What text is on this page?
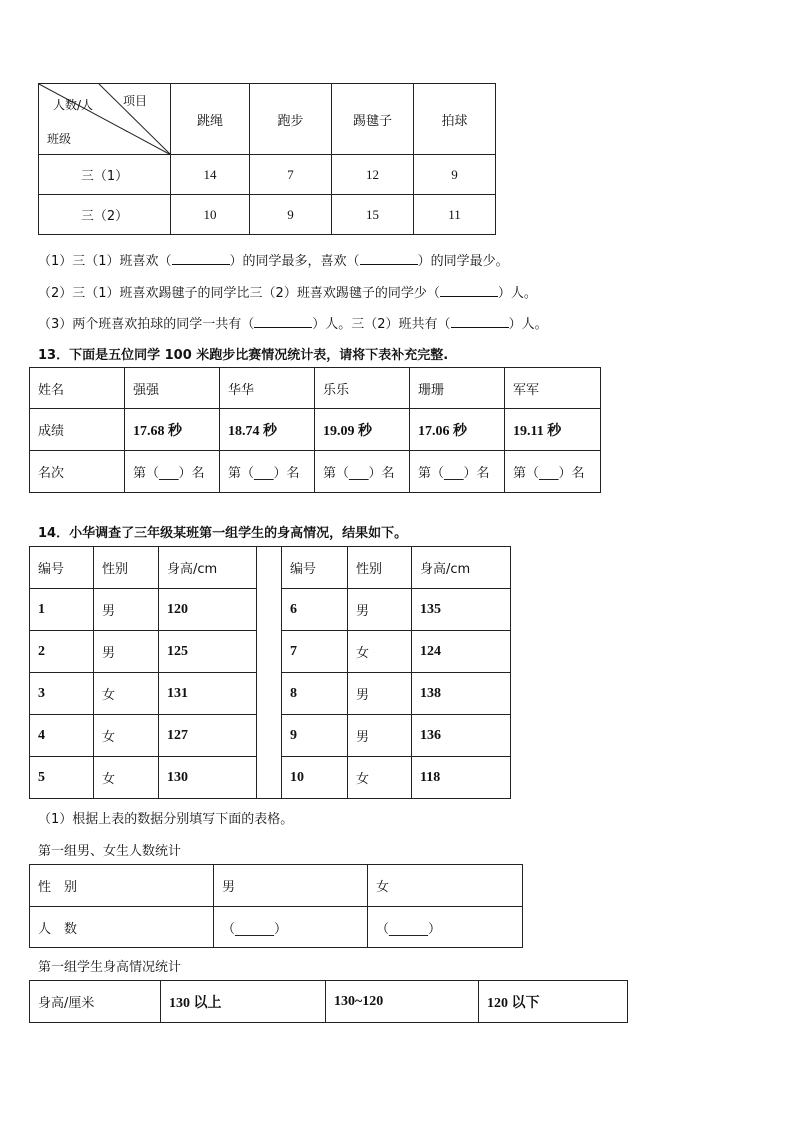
项目
人数/人
班级	跳绳	跑步	踢毽子	拍球
三（1）	14	7	12	9
三（2）	10	9	15	11

（1）三（1）班喜欢（	）的同学最多，喜欢（	）的同学最少。

（2）三（1）班喜欢踢毽子的同学比三（2）班喜欢踢毽子的同学少（	）人。

（3）两个班喜欢拍球的同学一共有（	）人。三（2）班共有（	）人。

13．下面是五位同学 100 米跑步比赛情况统计表，请将下表补充完整.

姓名	强强	华华	乐乐	珊珊	军军
成绩	17.68 秒	18.74 秒	19.09 秒	17.06 秒	19.11 秒
名次	第（___）名	第（___）名	第（___）名	第（___）名	第（___）名

14．小华调查了三年级某班第一组学生的身高情况，结果如下。

编号	性别	身高/cm		编号	性别	身高/cm
1	男	120		6	男	135
2	男	125		7	女	124
3	女	131		8	男	138
4	女	127		9	男	136
5	女	130		10	女	118

（1）根据上表的数据分别填写下面的表格。

第一组男、女生人数统计

性　别	男	女
人　数	（______）	（______）

第一组学生身高情况统计

身高/厘米	130 以上	130~120	120 以下
